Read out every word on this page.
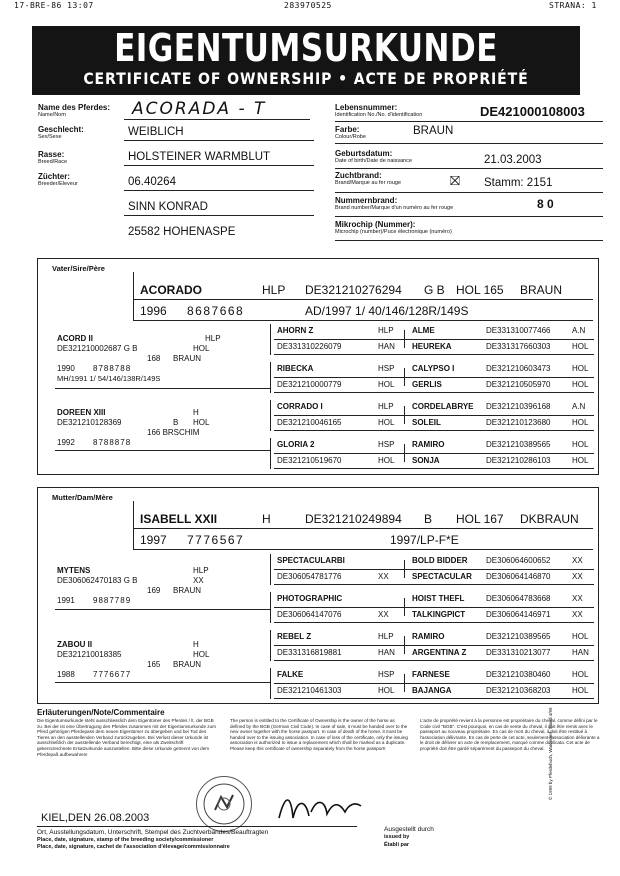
17-BRE-86 13:07	283970525	STRANA: 1
EIGENTUMSURKUNDE
CERTIFICATE OF OWNERSHIP • ACTE DE PROPRIÉTÉ
Name des Pferdes:
Name/Nom	ACORADA - T
Geschlecht:
Sex/Sexe	WEIBLICH
Rasse:
Breed/Race	HOLSTEINER WARMBLUT
Züchter:
Breeder/Eleveur	06.40264
SINN KONRAD
25582 HOHENASPE
Lebensnummer:
Identification No./No. d'identification	DE421000108003
Farbe:
Colour/Robe	BRAUN
Geburtsdatum:
Date of birth/Date de naissance	21.03.2003
Zuchtbrand:
Brand/Marque au fer rouge	⛝ Stamm: 2151
Nummernbrand:
Brand number/Marque d'un numéro au fer rouge	8 0
Mikrochip (Nummer):
Microchip (number)/Puce électronique (numéro)
Vater/Sire/Père
ACORADO	HLP DE321210276294 G B HOL 165 BRAUN
1996 8687668	AD/1997 1/ 40/146/128R/149S
ACORD II	HLP
DE321210002687 G B	HOL
168 BRAUN
1990 8788788
MH/1991 1/ 54/146/138R/149S
DOREEN XIII	H
DE321210128369	B HOL
166 BRSCHIM
1992 8788878
AHORN Z	HLP
DE331310226079	HAN
ALME	DE331310077466	A.N
HEUREKA	DE331317660303	HOL
RIBECKA	HSP
DE321210000779	HOL
CALYPSO I	DE321210603473	HOL
GERLIS	DE321210505970	HOL
CORRADO I	HLP
DE321210046165	HOL
CORDELABRYE DE321210396168	A.N
SOLEIL	DE321210123680	HOL
GLORIA 2	HSP
DE321210519670	HOL
RAMIRO	DE321210389565	HOL
SONJA	DE321210286103	HOL
Mutter/Dam/Mère
ISABELL XXII	H	DE321210249894 B HOL 167 DKBRAUN
1997 7776567	1997/LP-F*E
MYTENS	HLP
DE306062470183 G B	XX
169 BRAUN
1991 9887789
ZABOU II	H
DE321210018385	HOL
165 BRAUN
1988 7776677
SPECTACULARBI
DE306054781776	XX
BOLD BIDDER DE306064600652	XX
SPECTACULAR DE306064146870	XX
PHOTOGRAPHIC
DE306064147076	XX
HOIST THEFL	DE306064783668	XX
TALKINGPICT	DE306064146971	XX
REBEL Z	HLP
DE331316819881	HAN
RAMIRO	DE321210389565	HOL
ARGENTINA Z DE331310213077	HAN
FALKE	HSP
DE321210461303	HOL
FARNESE	DE321210380460	HOL
BAJANGA	DE321210368203	HOL
Erläuterungen/Note/Commentaire
Die Eigentumsurkunde steht ausschliesslich dem Eigentümer des Pferdes / lt. der BGB zu. Bei der ist eine Übertragung des Pferdes zusammen mit der Eigentumsurkunde zum Pferd gehörigen Pferdepass dem neuen Eigentümer zu übergeben und bei Tod des Tieres an den ausstellenden Verband zurückzugeben. Bei Verlust dieser Urkunde ist ausschließlich der ausstellende Verband berechtigt, eine als Zweitschrift gekennzeichnete Ersatzurkunde auszustellen. Bitte diese Urkunde getrennt von dem Pferdepaß aufbewahren!
The person is entitled to the Certificate of Ownership is the owner of the horse as defined by the BGB (German Civil Code). In case of sale, it must be handed over to the new owner together with the horse passport. In case of death of the horse, it must be handed over to the issuing association. In case of loss of the certificate, only the issuing association is authorized to issue a replacement which shall be marked as a duplicate. Please keep this certificate of ownership separately from the horse passport!
L'acte de propriété revient à la personne est propriétaire du cheval, comme défini par le Code civil "BGB". C'est pourquoi, en cas de vente du cheval, il doit être remis avec le passeport au nouveau propriétaire. En cas de mort du cheval, il doit être restitué à l'association délivrante. En cas de perte de cet acte, seulement l'association délivrante a le droit de délivrer un acte de remplacement, marqué comme duplicata. Cet acte de propriété doit être gardé séparément du passeport du cheval.
KIEL,DEN 26.08.2003
Ort, Ausstellungsdatum, Unterschrift, Stempel des Zuchtverbandes/Beauftragten
Place, date, signature, stamp of the breeding society/commissioner
Place, date, signature, cachet de l'association d'élevage/commissionnaire
Ausgestellt durch
issued by
Établi par
© 1999 by Pferdebuch, Warendorf, Stand 4/99
